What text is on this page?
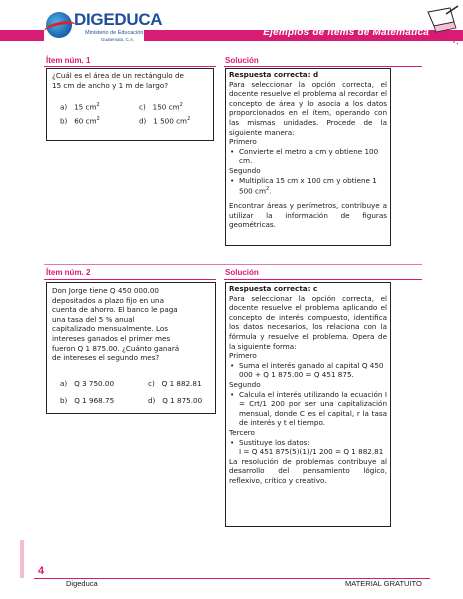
DIGEDUCA
Ministerio de Educación
Guatemala, C.A.
Ejemplos de ítems de Matemática
Ítem núm. 1	Solución

¿Cuál es el área de un rectángulo de

15 cm de ancho y 1 m de largo?

a) 15 $cm^2$	c) 150 $cm^2$
b) 60 $cm^2$	d) 1 500 $cm^2$

Respuesta correcta: d

Para seleccionar la opción correcta, el docente resuelve el problema al recordar el concepto de área y lo asocia a los datos proporcionados en el ítem, operando con las mismas unidades. Procede de la siguiente manera:

Primero

• Convierte el metro a cm y obtiene 100 cm.

Segundo

• Multiplica 15 cm x 100 cm y obtiene 1 500 $cm^2$.

Encontrar áreas y perímetros, contribuye a utilizar la información de figuras geométricas.

Ítem núm. 2	Solución
Don Jorge tiene Q 450 000.00 depositados a plazo fijo en una cuenta de ahorro. El banco le paga una tasa del 5 % anual capitalizado mensualmente. Los intereses ganados el primer mes fueron Q 1 875.00. ¿Cuánto ganará de intereses el segundo mes?
a) Q 3 750.00	c) Q 1 882.81
b) Q 1 968.75	d) Q 1 875.00

Respuesta correcta: c

Para seleccionar la opción correcta, el docente resuelve el problema aplicando el concepto de interés compuesto, identifica los datos necesarios, los relaciona con la fórmula y resuelve el problema. Opera de la siguiente forma:

Primero

• Suma el interés ganado al capital Q 450 000 + Q 1 875.00 = Q 451 875.

Segundo

• Calcula el interés utilizando la ecuación I = Crt/1 200 por ser una capitalización mensual, donde C es el capital, r la tasa de interés y t el tiempo.

Tercero

• Sustituye los datos:

I = Q 451 875(5)(1)/1 200 = Q 1 882.81

La resolución de problemas contribuye al desarrollo del pensamiento lógico, reflexivo, crítico y creativo.

4
Digeduca	MATERIAL GRATUITO
